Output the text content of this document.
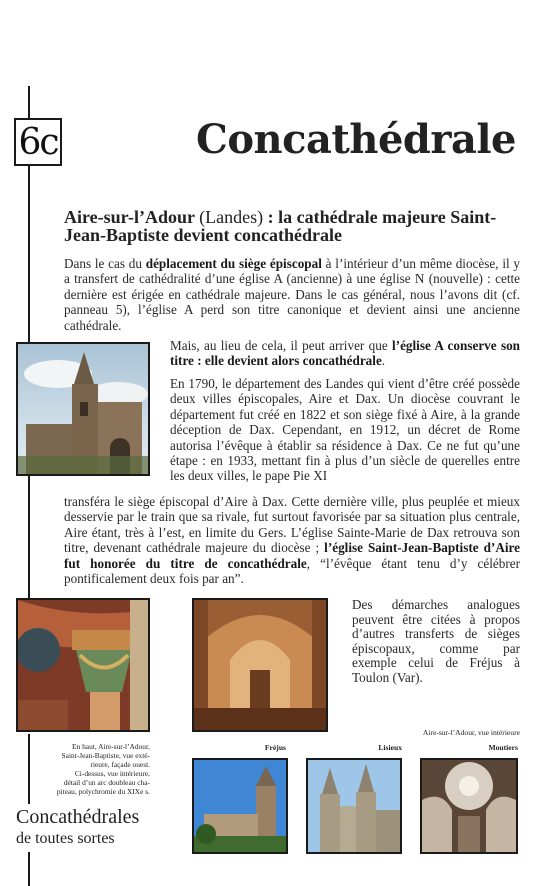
6c	Concathédrale
Aire-sur-l’Adour (Landes) : la cathédrale majeure Saint-Jean-Baptiste devient concathédrale

Dans le cas du déplacement du siège épiscopal à l’intérieur d’un même diocèse, il y a transfert de cathédralité d’une église A (ancienne) à une église N (nouvelle) : cette dernière est érigée en cathédrale majeure. Dans le cas général, nous l’avons dit (cf. panneau 5), l’église A perd son titre canonique et devient ainsi une ancienne cathédrale.

Mais, au lieu de cela, il peut arriver que l’église A conserve son titre : elle devient alors concathédrale.

En 1790, le département des Landes qui vient d’être créé possède deux villes épiscopales, Aire et Dax. Un diocèse couvrant le département fut créé en 1822 et son siège fixé à Aire, à la grande déception de Dax. Cependant, en 1912, un décret de Rome autorisa l’évêque à établir sa résidence à Dax. Ce ne fut qu’une étape : en 1933, mettant fin à plus d’un siècle de querelles entre les deux villes, le pape Pie XI

transféra le siège épiscopal d’Aire à Dax. Cette dernière ville, plus peuplée et mieux desservie par le train que sa rivale, fut surtout favorisée par sa situation plus centrale, Aire étant, très à l’est, en limite du Gers. L’église Sainte-Marie de Dax retrouva son titre, devenant cathédrale majeure du diocèse ; l’église Saint-Jean-Baptiste d’Aire fut honorée du titre de concathédrale, “l’évêque étant tenu d’y célébrer pontificalement deux fois par an”.

Des démarches analogues peuvent être citées à propos d’autres transferts de sièges épiscopaux, comme par exemple celui de Fréjus à Toulon (Var).

En haut, Aire-sur-l’Adour,
Saint-Jean-Baptiste, vue exté-
rieure, façade ouest.
Ci-dessus, vue intérieure,
détail d’un arc doubleau cha-
piteau, polychromie du XIXe s.
Aire-sur-l’Adour, vue intérieure
Fréjus	Lisieux	Moutiers
Concathédrales
de toutes sortes
